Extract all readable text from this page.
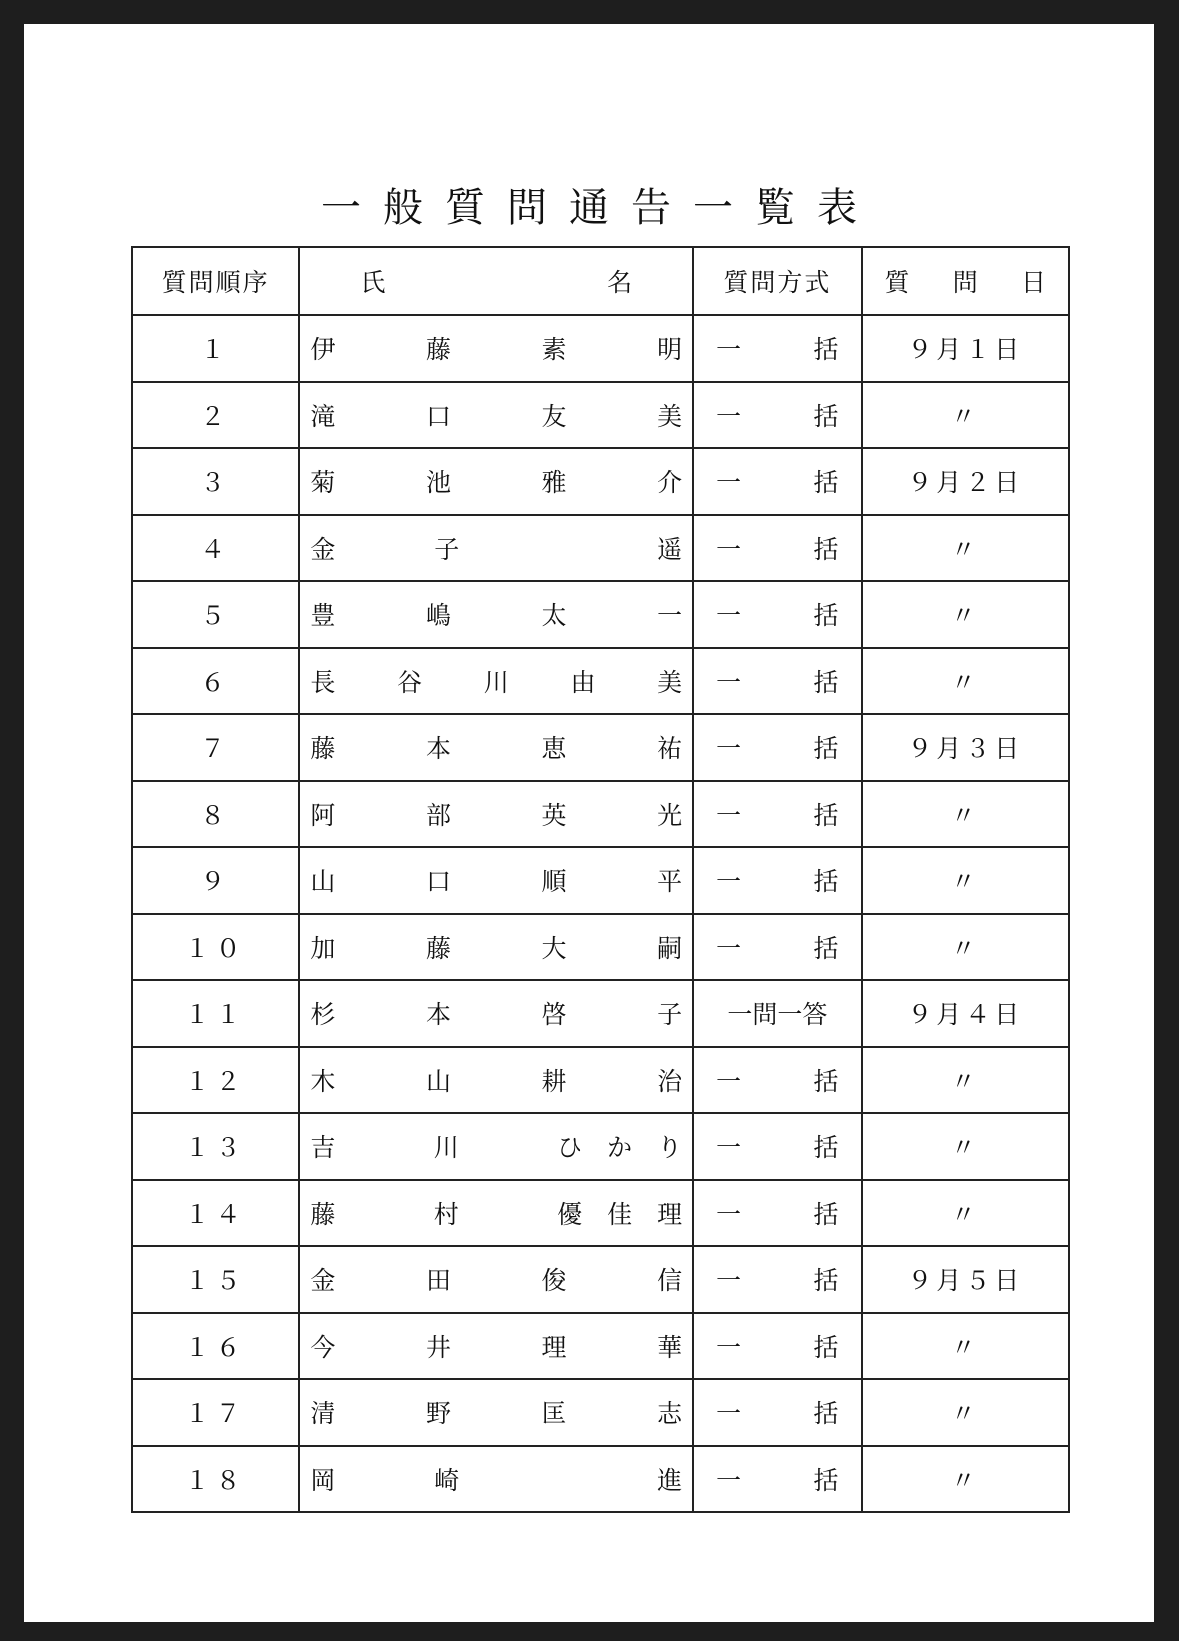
一般質問通告一覧表
質問順序	氏 名	質問方式	質 問 日

１	伊 藤 素 明	一 括	９月１日
２	滝 口 友 美	一 括	〃
３	菊 池 雅 介	一 括	９月２日
４	金 子 遥	一 括	〃
５	豊 嶋 太 一	一 括	〃
６	長 谷 川 由 美	一 括	〃
７	藤 本 恵 祐	一 括	９月３日
８	阿 部 英 光	一 括	〃
９	山 口 順 平	一 括	〃
１０	加 藤 大 嗣	一 括	〃
１１	杉 本 啓 子	一問一答	９月４日
１２	木 山 耕 治	一 括	〃
１３	吉 川 ひ　か　り	一 括	〃
１４	藤 村 優　佳　理	一 括	〃
１５	金 田 俊 信	一 括	９月５日
１６	今 井 理 華	一 括	〃
１７	清 野 匡 志	一 括	〃
１８	岡 崎 進	一 括	〃
